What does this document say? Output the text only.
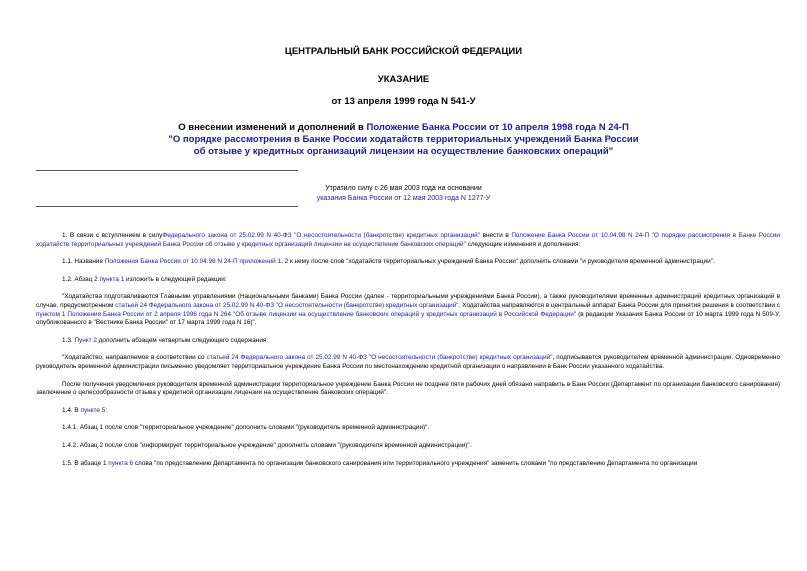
ЦЕНТРАЛЬНЫЙ БАНК РОССИЙСКОЙ ФЕДЕРАЦИИ
УКАЗАНИЕ
от 13 апреля 1999 года N 541-У
О внесении изменений и дополнений в Положение Банка России от 10 апреля 1998 года N 24-П
"О порядке рассмотрения в Банке России ходатайств территориальных учреждений Банка России
об отзыве у кредитных организаций лицензии на осуществление банковских операций"
Утратило силу с 26 мая 2003 года на основании
указания Банка России от 12 мая 2003 года N 1277-У

1. В связи с вступлением в силуФедерального закона от 25.02.99 N 40-ФЗ "О несостоятельности (банкротстве) кредитных организаций" внести в Положение Банка России от 10.04.98 N 24-П "О порядке рассмотрения в Банке России ходатайств территориальных учреждений Банка России об отзыве у кредитных организаций лицензии на осуществление банковских операций" следующие изменения и дополнения:

1.1. Название Положения Банка России от 10.04.98 N 24-П приложений 1, 2 к нему после слов "ходатайств территориальных учреждений Банка России" дополнить словами "и руководителя временной администрации".

1.2. Абзац 2 пункта 1 изложить в следующей редакции:

"Ходатайства подготавливаются Главными управлениями (Национальными банками) Банка России (далее - территориальными учреждениями Банка России), а также руководителями временных администраций кредитных организаций в случае, предусмотренном статьей 24 Федерального закона от 25.02.99 N 40-ФЗ "О несостоятельности (банкротстве) кредитных организаций". Ходатайства направляются в центральный аппарат Банка России для принятия решения в соответствии с пунктом 1 Положения Банка России от 2 апреля 1996 года N 264 "Об отзыве лицензии на осуществление банковских операций у кредитных организаций в Российской Федерации" (в редакции Указания Банка России от 10 марта 1999 года N 509-У, опубликованного в "Вестнике Банка России" от 17 марта 1999 года N 16)".

1.3. Пункт 2 дополнить абзацем четвертым следующего содержания:

"Ходатайство, направляемое в соответствии со статьей 24 Федерального закона от 25.02.99 N 40-ФЗ "О несостоятельности (банкротстве) кредитных организаций", подписывается руководителем временной администрации. Одновременно руководитель временной администрации письменно уведомляет территориальное учреждение Банка России по местонахождению кредитной организации о направлении в Банк России указанного ходатайства.

После получения уведомления руководителя временной администрации территориальное учреждение Банка России не позднее пяти рабочих дней обязано направить в Банк России (Департамент по организации банковского санирования) заключение о целесообразности отзыва у кредитной организации лицензии на осуществление банковских операций".

1.4. В пункте 5:

1.4.1. Абзац 1 после слов "территориальное учреждение" дополнить словами "(руководитель временной администрации)".

1.4.2. Абзац 2 после слов "информирует территориальное учреждение" дополнить словами "(руководителя временной администрации)".

1.5. В абзаце 1 пункта 6 слова "по представлению Департамента по организации банковского санирования или территориального учреждения" заменить словами "по представлению Департамента по организации
